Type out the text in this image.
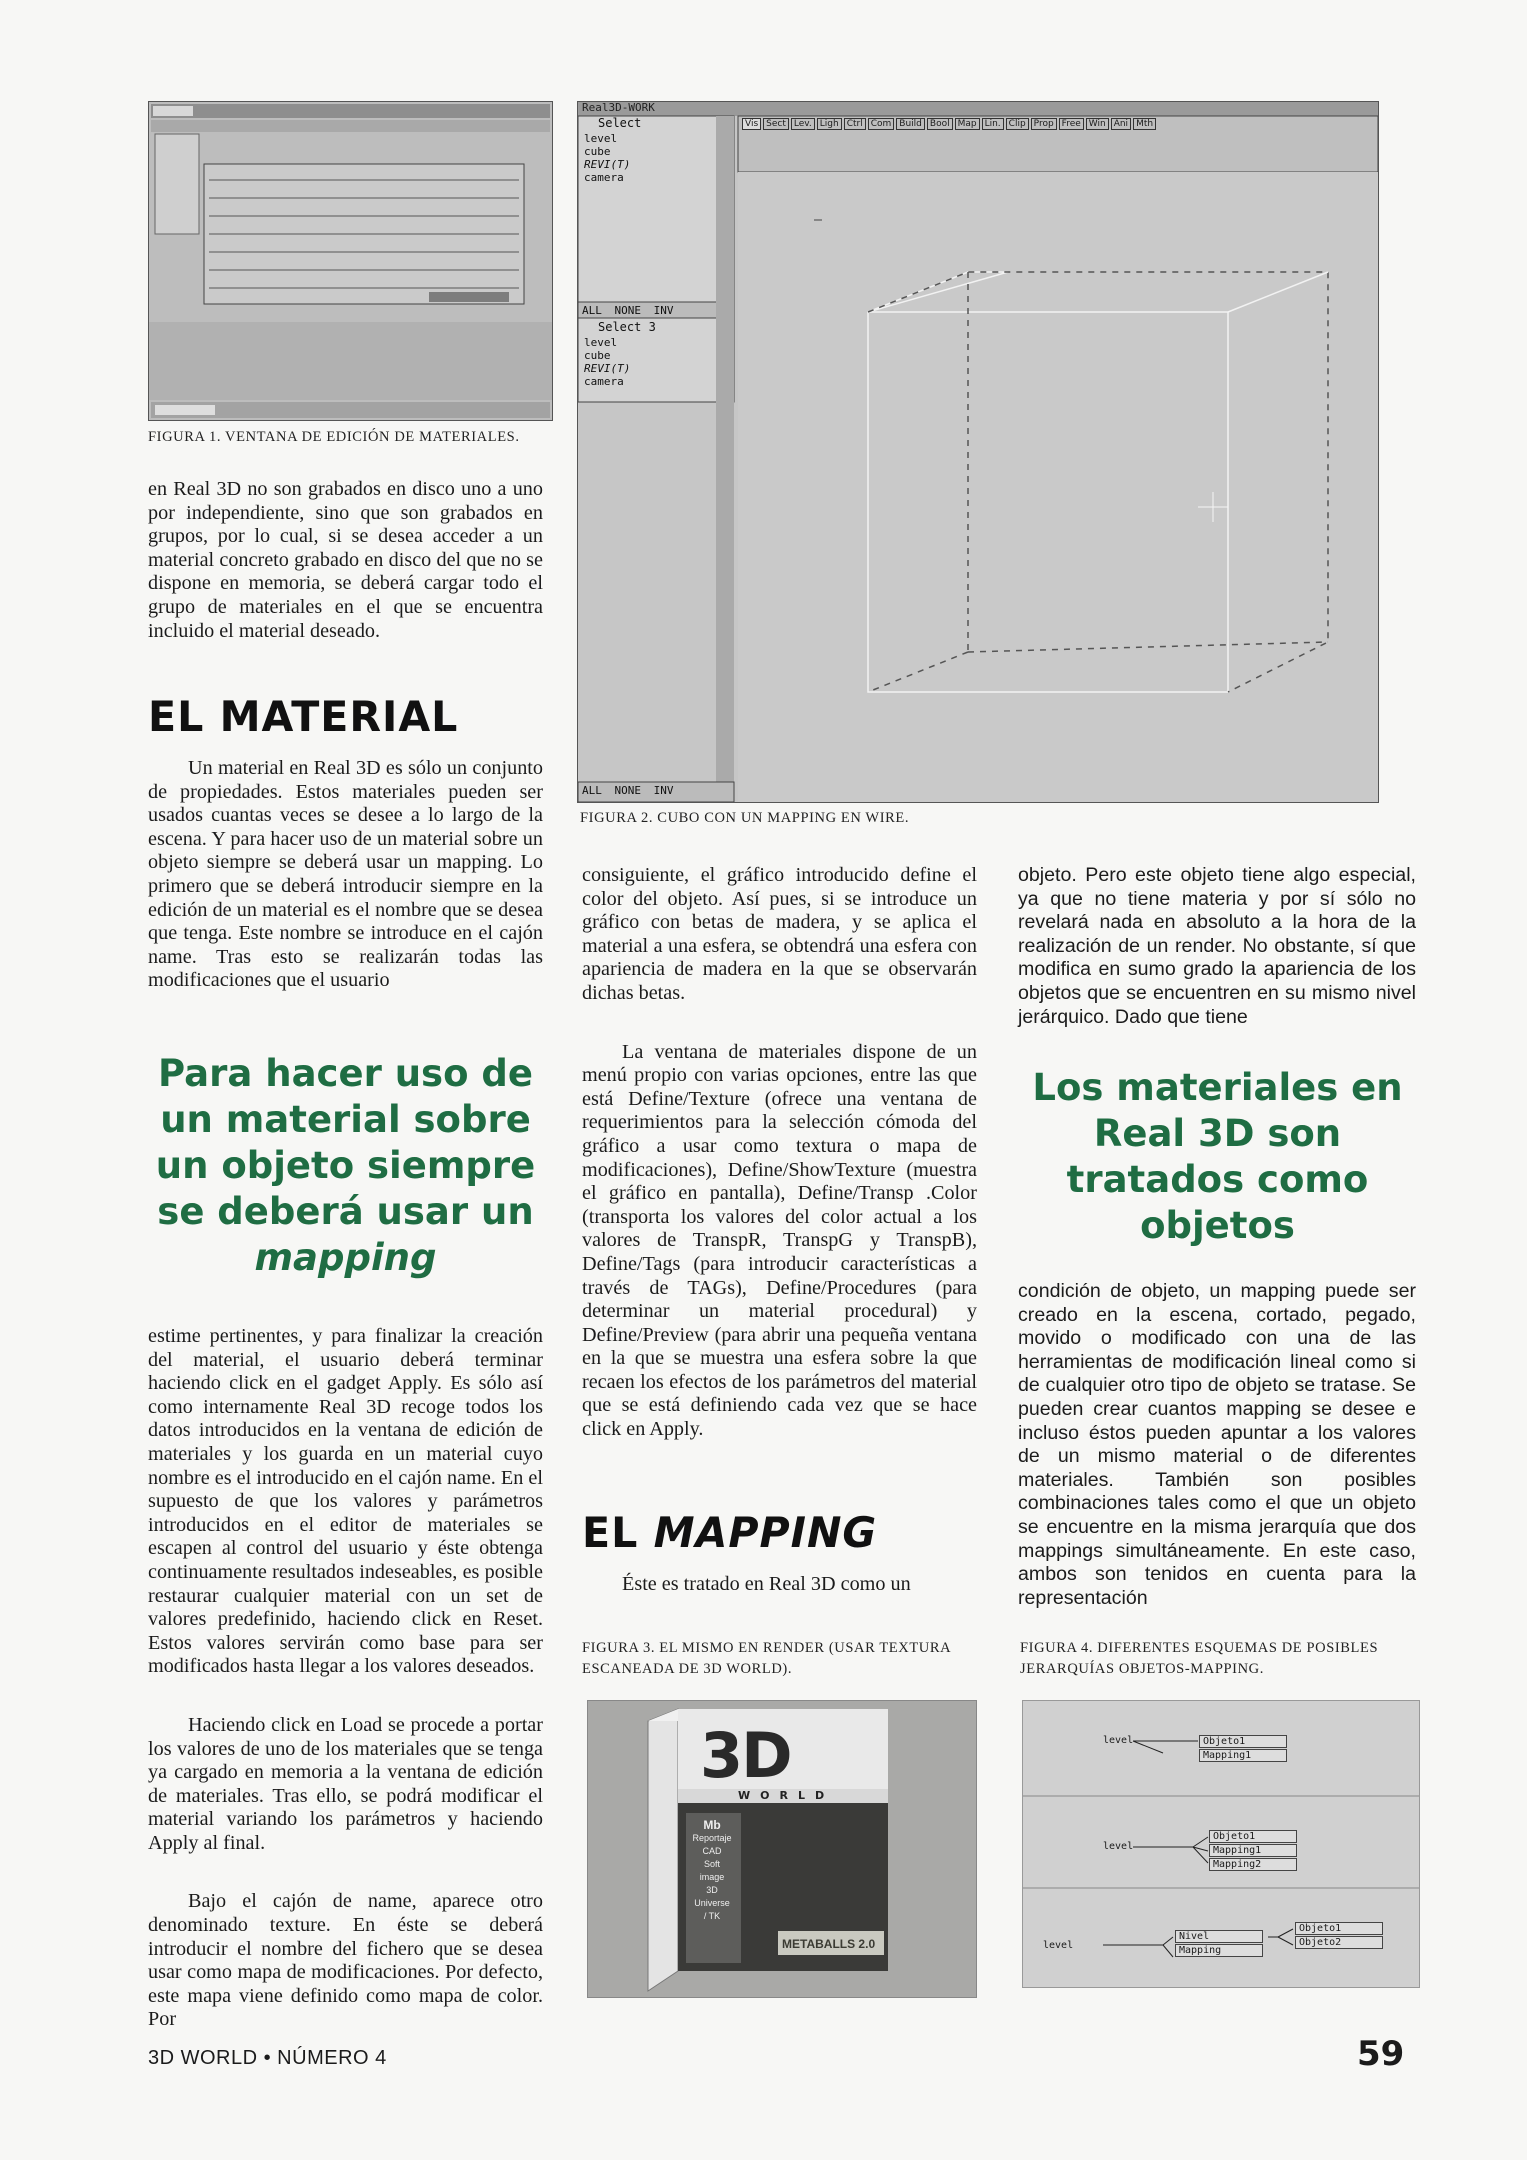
FIGURA 1. VENTANA DE EDICIÓN DE MATERIALES.
Real3D-WORK
Select
level
cube
REVI(T)
camera
ALL NONE INV
Select 3
level
cube
REVI(T)
camera
ALL NONE INV
Vis Sect Lev. Ligh Ctrl Com Build Bool Map Lin. Clip Prop Free Win Ani Mth
FIGURA 2. CUBO CON UN MAPPING EN WIRE.

en Real 3D no son grabados en disco uno a uno por independiente, sino que son grabados en grupos, por lo cual, si se desea acceder a un material concreto grabado en disco del que no se dispone en memoria, se deberá cargar todo el grupo de materiales en el que se encuentra incluido el material deseado.

EL MATERIAL

Un material en Real 3D es sólo un conjunto de propiedades. Estos materiales pueden ser usados cuantas veces se desee a lo largo de la escena. Y para hacer uso de un material sobre un objeto siempre se deberá usar un mapping. Lo primero que se deberá introducir siempre en la edición de un material es el nombre que se desea que tenga. Este nombre se introduce en el cajón name. Tras esto se realizarán todas las modificaciones que el usuario

Para hacer uso de un material sobre un objeto siempre se deberá usar un mapping

estime pertinentes, y para finalizar la creación del material, el usuario deberá terminar haciendo click en el gadget Apply. Es sólo así como internamente Real 3D recoge todos los datos introducidos en la ventana de edición de materiales y los guarda en un material cuyo nombre es el introducido en el cajón name. En el supuesto de que los valores y parámetros introducidos en el editor de materiales se escapen al control del usuario y éste obtenga continuamente resultados indeseables, es posible restaurar cualquier material con un set de valores predefinido, haciendo click en Reset. Estos valores servirán como base para ser modificados hasta llegar a los valores deseados.

Haciendo click en Load se procede a portar los valores de uno de los materiales que se tenga ya cargado en memoria a la ventana de edición de materiales. Tras ello, se podrá modificar el material variando los parámetros y haciendo Apply al final.

Bajo el cajón de name, aparece otro denominado texture. En éste se deberá introducir el nombre del fichero que se desea usar como mapa de modificaciones. Por defecto, este mapa viene definido como mapa de color. Por

consiguiente, el gráfico introducido define el color del objeto. Así pues, si se introduce un gráfico con betas de madera, y se aplica el material a una esfera, se obtendrá una esfera con apariencia de madera en la que se observarán dichas betas.

La ventana de materiales dispone de un menú propio con varias opciones, entre las que está Define/Texture (ofrece una ventana de requerimientos para la selección cómoda del gráfico a usar como textura o mapa de modificaciones), Define/ShowTexture (muestra el gráfico en pantalla), Define/Transp .Color (transporta los valores del color actual a los valores de TranspR, TranspG y TranspB), Define/Tags (para introducir características a través de TAGs), Define/Procedures (para determinar un material procedural) y Define/Preview (para abrir una pequeña ventana en la que se muestra una esfera sobre la que recaen los efectos de los parámetros del material que se está definiendo cada vez que se hace click en Apply.

EL MAPPING

Éste es tratado en Real 3D como un

FIGURA 3. EL MISMO EN RENDER (USAR TEXTURA ESCANEADA DE 3D WORLD).
3D
WORLD
Mb
Reportaje
CAD
Soft image
3D Universe / TK
METABALLS 2.0

objeto. Pero este objeto tiene algo especial, ya que no tiene materia y por sí sólo no revelará nada en absoluto a la hora de la realización de un render. No obstante, sí que modifica en sumo grado la apariencia de los objetos que se encuentren en su mismo nivel jerárquico. Dado que tiene

Los materiales en Real 3D son tratados como objetos

condición de objeto, un mapping puede ser creado en la escena, cortado, pegado, movido o modificado con una de las herramientas de modificación lineal como si de cualquier otro tipo de objeto se tratase. Se pueden crear cuantos mapping se desee e incluso éstos pueden apuntar a los valores de un mismo material o de diferentes materiales. También son posibles combinaciones tales como el que un objeto se encuentre en la misma jerarquía que dos mappings simultáneamente. En este caso, ambos son tenidos en cuenta para la representación

FIGURA 4. DIFERENTES ESQUEMAS DE POSIBLES JERARQUÍAS OBJETOS-MAPPING.
level	Objeto1
Mapping1
level
Objeto1
Mapping1
Mapping2
level
Nivel
Mapping
Objeto1
Objeto2
3D WORLD • NÚMERO 4	59
